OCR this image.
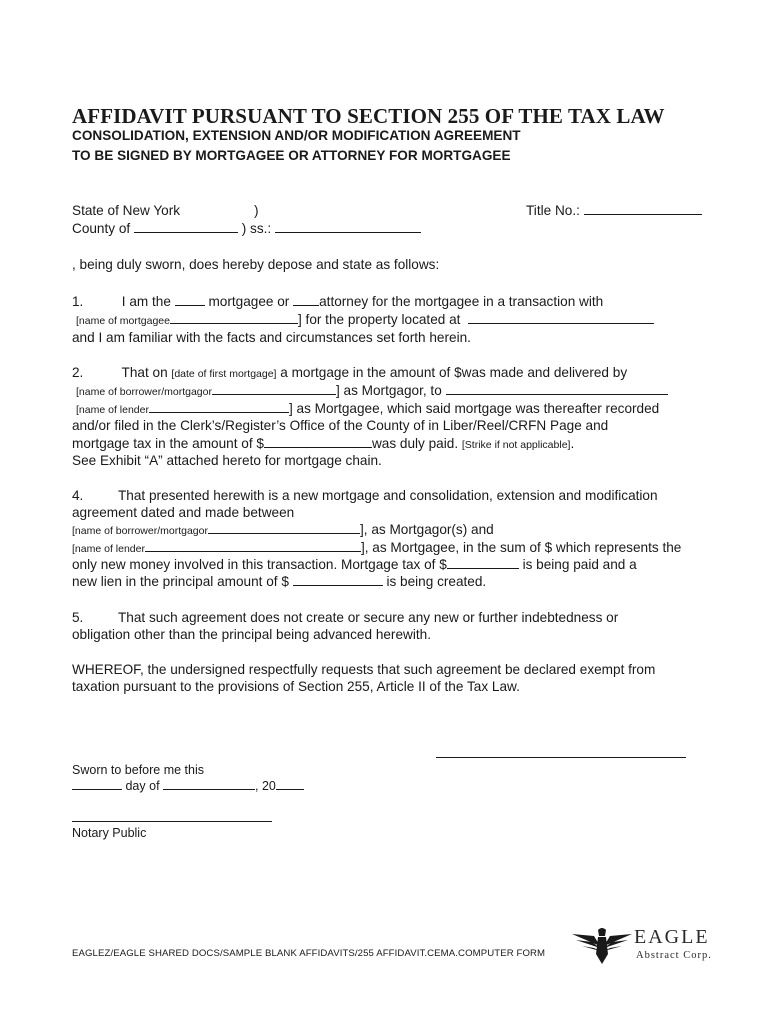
AFFIDAVIT PURSUANT TO SECTION 255 OF THE TAX LAW
CONSOLIDATION, EXTENSION AND/OR MODIFICATION AGREEMENT
TO BE SIGNED BY MORTGAGEE OR ATTORNEY FOR MORTGAGEE
State of New York	)	Title No.:
County of	) ss.:
, being duly sworn, does hereby depose and state as follows:
1.	I am the	mortgagee or attorney for the mortgagee in a transaction with
[name of mortgagee	] for the property located at
and I am familiar with the facts and circumstances set forth herein.
2.	That on [date of first mortgage] a mortgage in the amount of $was made and delivered by
[name of borrower/mortgagor	] as Mortgagor, to
[name of lender	] as Mortgagee, which said mortgage was thereafter recorded
and/or filed in the Clerk’s/Register’s Office of the County of in Liber/Reel/CRFN Page and
mortgage tax in the amount of $	was duly paid. [Strike if not applicable].
See Exhibit “A” attached hereto for mortgage chain.
4.	That presented herewith is a new mortgage and consolidation, extension and modification
agreement dated and made between
[name of borrower/mortgagor	], as Mortgagor(s) and
[name of lender	], as Mortgagee, in the sum of $ which represents the
only new money involved in this transaction. Mortgage tax of $	is being paid and a
new lien in the principal amount of $	is being created.
5.	That such agreement does not create or secure any new or further indebtedness or
obligation other than the principal being advanced herewith.
WHEREOF, the undersigned respectfully requests that such agreement be declared exempt from
taxation pursuant to the provisions of Section 255, Article II of the Tax Law.
Sworn to before me this
day of	, 20
Notary Public
EAGLEZ/EAGLE SHARED DOCS/SAMPLE BLANK AFFIDAVITS/255 AFFIDAVIT.CEMA.COMPUTER FORM
EAGLE
Abstract Corp.
